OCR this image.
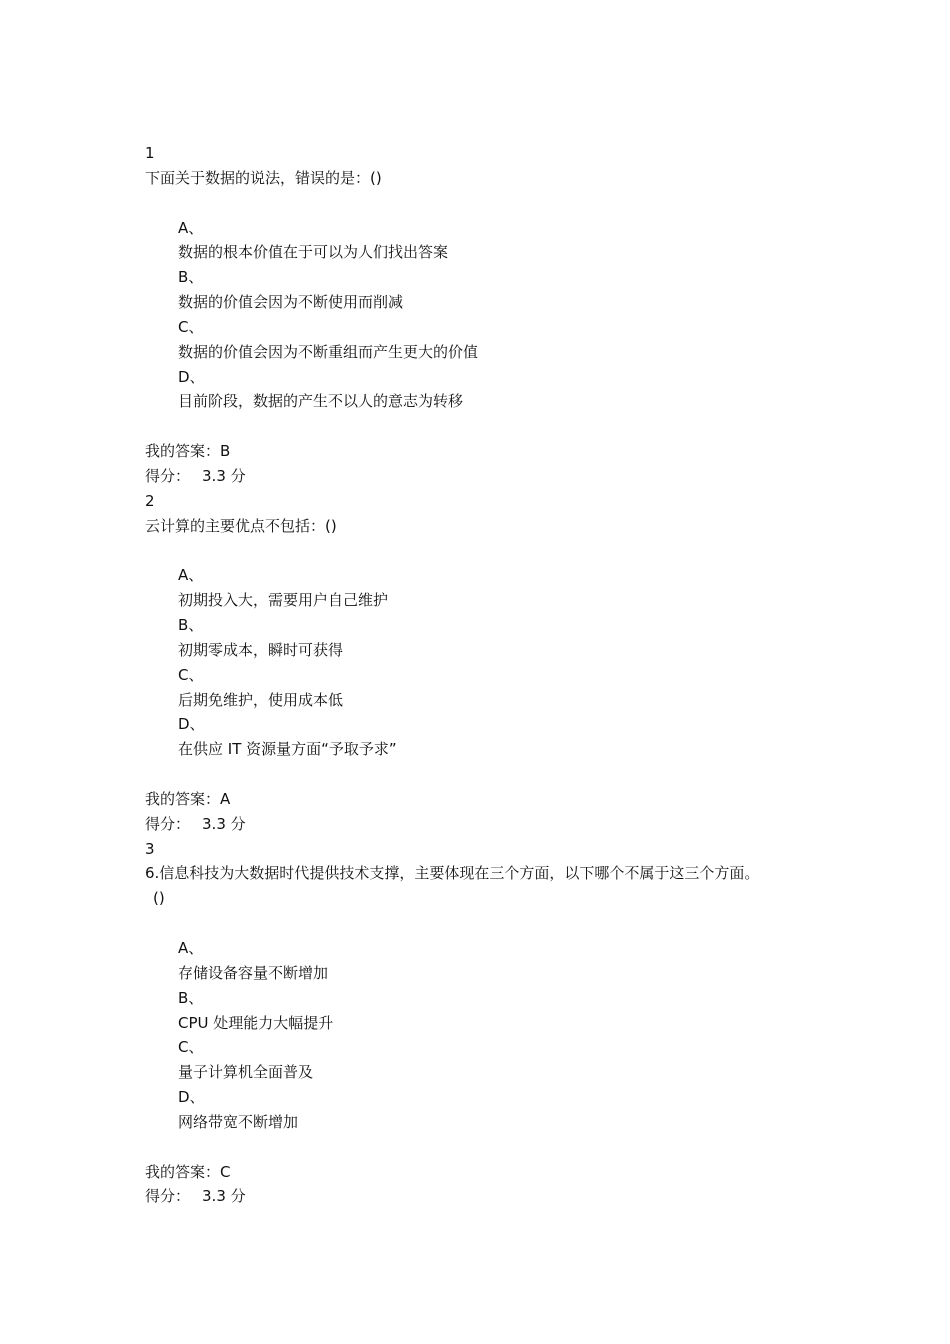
1
下面关于数据的说法，错误的是：()
A、
数据的根本价值在于可以为人们找出答案
B、
数据的价值会因为不断使用而削减
C、
数据的价值会因为不断重组而产生更大的价值
D、
目前阶段，数据的产生不以人的意志为转移
我的答案：B
得分： 3.3 分
2
云计算的主要优点不包括：()
A、
初期投入大，需要用户自己维护
B、
初期零成本，瞬时可获得
C、
后期免维护，使用成本低
D、
在供应 IT 资源量方面“予取予求”
我的答案：A
得分： 3.3 分
3
6.信息科技为大数据时代提供技术支撑，主要体现在三个方面，以下哪个不属于这三个方面。
()
A、
存储设备容量不断增加
B、
CPU 处理能力大幅提升
C、
量子计算机全面普及
D、
网络带宽不断增加
我的答案：C
得分： 3.3 分
